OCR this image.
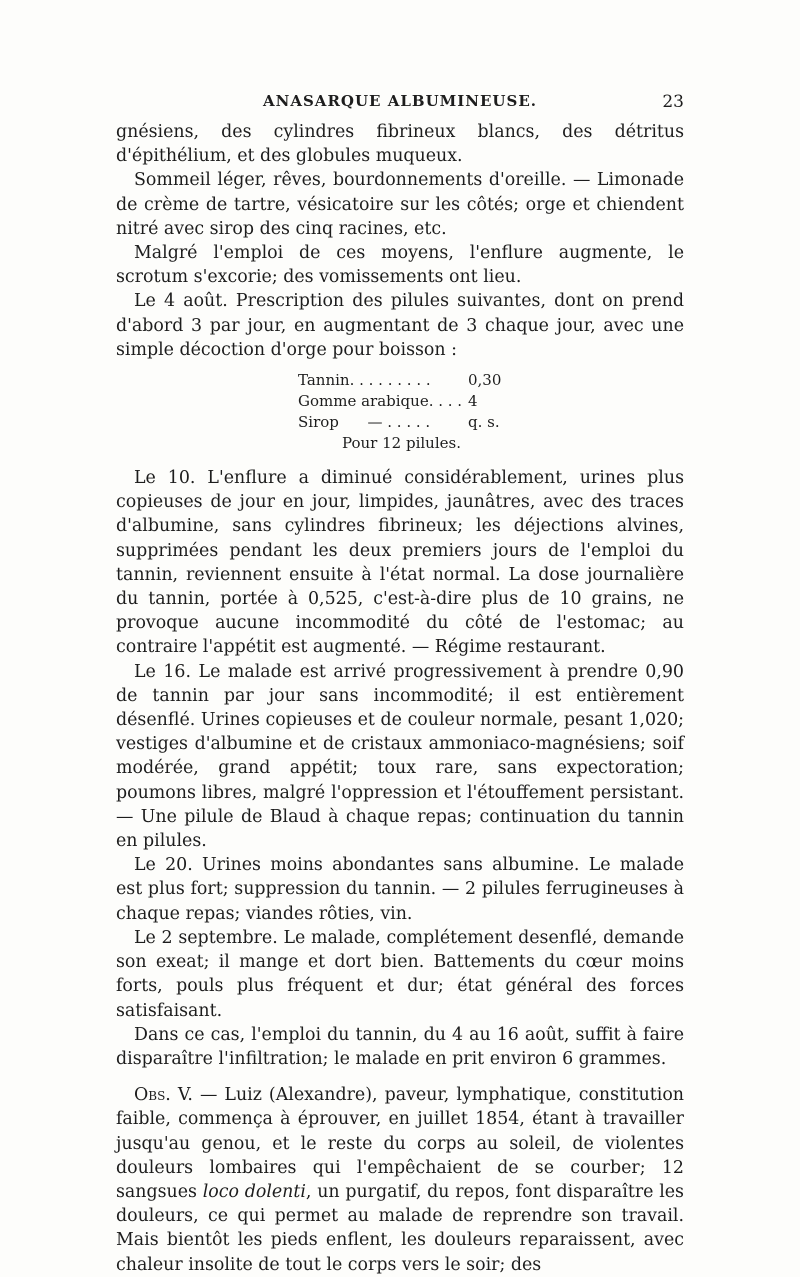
ANASARQUE ALBUMINEUSE.	23

gnésiens, des cylindres fibrineux blancs, des détritus d'épithélium, et des globules muqueux.

Sommeil léger, rêves, bourdonnements d'oreille. — Limonade de crème de tartre, vésicatoire sur les côtés; orge et chiendent nitré avec sirop des cinq racines, etc.

Malgré l'emploi de ces moyens, l'enflure augmente, le scrotum s'excorie; des vomissements ont lieu.

Le 4 août. Prescription des pilules suivantes, dont on prend d'abord 3 par jour, en augmentant de 3 chaque jour, avec une simple décoction d'orge pour boisson :

Tannin. . . . . . . . .	0,30
Gomme arabique. . . . 4
Sirop      — . . . . .	q. s.
Pour 12 pilules.

Le 10. L'enflure a diminué considérablement, urines plus copieuses de jour en jour, limpides, jaunâtres, avec des traces d'albumine, sans cylindres fibrineux; les déjections alvines, supprimées pendant les deux premiers jours de l'emploi du tannin, reviennent ensuite à l'état normal. La dose journalière du tannin, portée à 0,525, c'est-à-dire plus de 10 grains, ne provoque aucune incommodité du côté de l'estomac; au contraire l'appétit est augmenté. — Régime restaurant.

Le 16. Le malade est arrivé progressivement à prendre 0,90 de tannin par jour sans incommodité; il est entièrement désenflé. Urines copieuses et de couleur normale, pesant 1,020; vestiges d'albumine et de cristaux ammoniaco-magnésiens; soif modérée, grand appétit; toux rare, sans expectoration; poumons libres, malgré l'oppression et l'étouffement persistant. — Une pilule de Blaud à chaque repas; continuation du tannin en pilules.

Le 20. Urines moins abondantes sans albumine. Le malade est plus fort; suppression du tannin. — 2 pilules ferrugineuses à chaque repas; viandes rôties, vin.

Le 2 septembre. Le malade, complétement desenflé, demande son exeat; il mange et dort bien. Battements du cœur moins forts, pouls plus fréquent et dur; état général des forces satisfaisant.

Dans ce cas, l'emploi du tannin, du 4 au 16 août, suffit à faire disparaître l'infiltration; le malade en prit environ 6 grammes.

Obs. V. — Luiz (Alexandre), paveur, lymphatique, constitution faible, commença à éprouver, en juillet 1854, étant à travailler jusqu'au genou, et le reste du corps au soleil, de violentes douleurs lombaires qui l'empêchaient de se courber; 12 sangsues loco dolenti, un purgatif, du repos, font disparaître les douleurs, ce qui permet au malade de reprendre son travail. Mais bientôt les pieds enflent, les douleurs reparaissent, avec chaleur insolite de tout le corps vers le soir; des
